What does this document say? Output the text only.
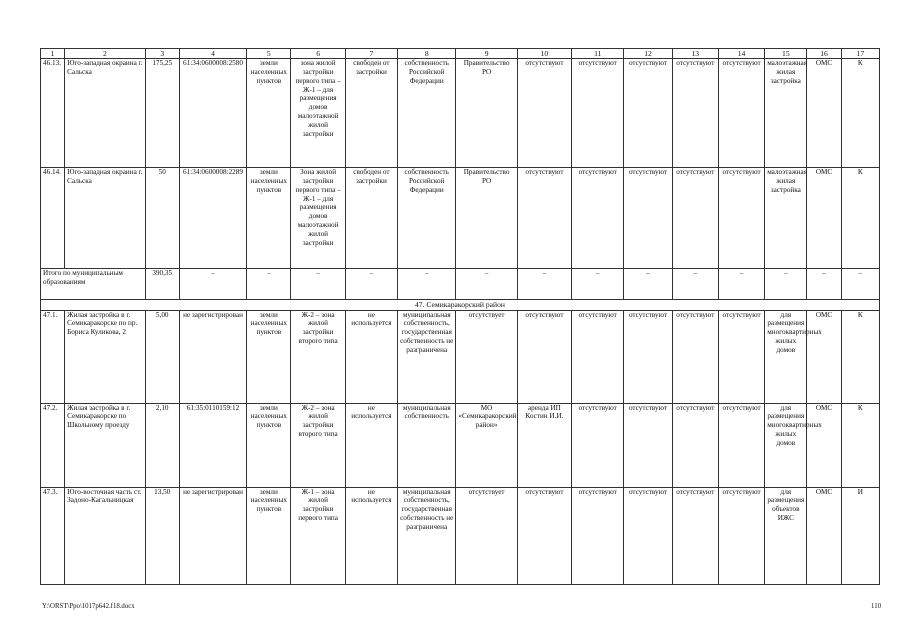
1	2	3	4	5	6	7	8	9	10	11	12	13	14	15	16	17
46.13.	Юго-западная окраина г. Сальска	175,25	61:34:0600008:2580	земли населенных пунктов	зона жилой застройки первого типа – Ж-1 – для размещения домов малоэтажной жилой застройки	свободен от застройки	собственность Российской Федерации	Правительство РО	отсутствуют	отсутствуют	отсутствуют	отсутствуют	отсутствуют	малоэтажная жилая застройка	ОМС	К
46.14.	Юго-западная окраина г. Сальска	50	61:34:0600008:2289	земли населенных пунктов	Зона жилой застройки первого типа – Ж-1 – для размещения домов малоэтажной жилой застройки	свободен от застройки	собственность Российской Федерации	Правительство РО	отсутствуют	отсутствуют	отсутствуют	отсутствуют	отсутствуют	малоэтажная жилая застройка	ОМС	К
Итого по муниципальным образованиям		390,35	–	–	–	–	–	–	–	–	–	–	–	–	–	–
47. Семикаракорский район																
47.1.	Жилая застройка в г. Семикаракорске по пр. Бориса Куликова, 2	5,00	не зарегистрирован	земли населенных пунктов	Ж-2 – зона жилой застройки второго типа	не используется	муниципальная собственность, государственная собственность не разграничена	отсутствует	отсутствуют	отсутствуют	отсутствуют	отсутствуют	отсутствуют	для размещения многоквартирных жилых домов	ОМС	К
47.2.	Жилая застройка в г. Семикаракорске по Школьному проезду	2,10	61:35:0110159:12	земли населенных пунктов	Ж-2 – зона жилой застройки второго типа	не используется	муниципальная собственность	МО «Семикаракорский район»	аренда ИП Костин И.И.	отсутствуют	отсутствуют	отсутствуют	отсутствуют	для размещения многоквартирных жилых домов	ОМС	К
47.3.	Юго-восточная часть ст. Задоно-Кагальницкая	13,50	не зарегистрирован	земли населенных пунктов	Ж-1 – зона жилой застройки первого типа	не используется	муниципальная собственность, государственная собственность не разграничена	отсутствует	отсутствуют	отсутствуют	отсутствуют	отсутствуют	отсутствуют	для размещения объектов ИЖС	ОМС	И
Y:\ORST\Ppo\1017p642.f18.docx	110
